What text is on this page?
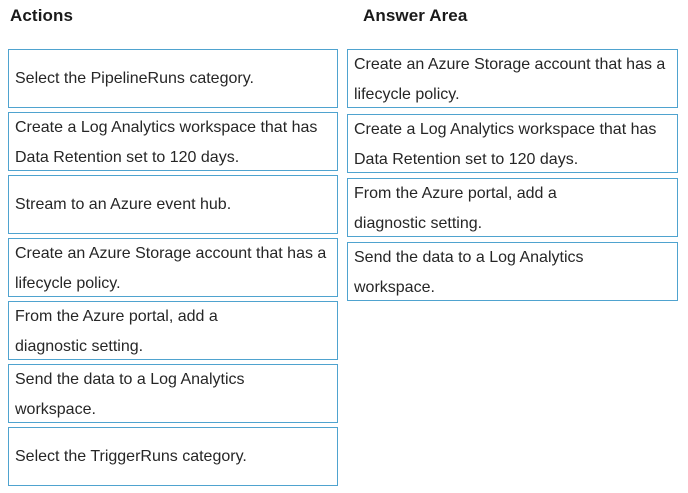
Actions	Answer Area
Select the PipelineRuns category.
Create a Log Analytics workspace that has Data Retention set to 120 days.
Stream to an Azure event hub.
Create an Azure Storage account that has a lifecycle policy.
From the Azure portal, add a diagnostic setting.
Send the data to a Log Analytics workspace.
Select the TriggerRuns category.
Create an Azure Storage account that has a lifecycle policy.
Create a Log Analytics workspace that has Data Retention set to 120 days.
From the Azure portal, add a diagnostic setting.
Send the data to a Log Analytics workspace.
